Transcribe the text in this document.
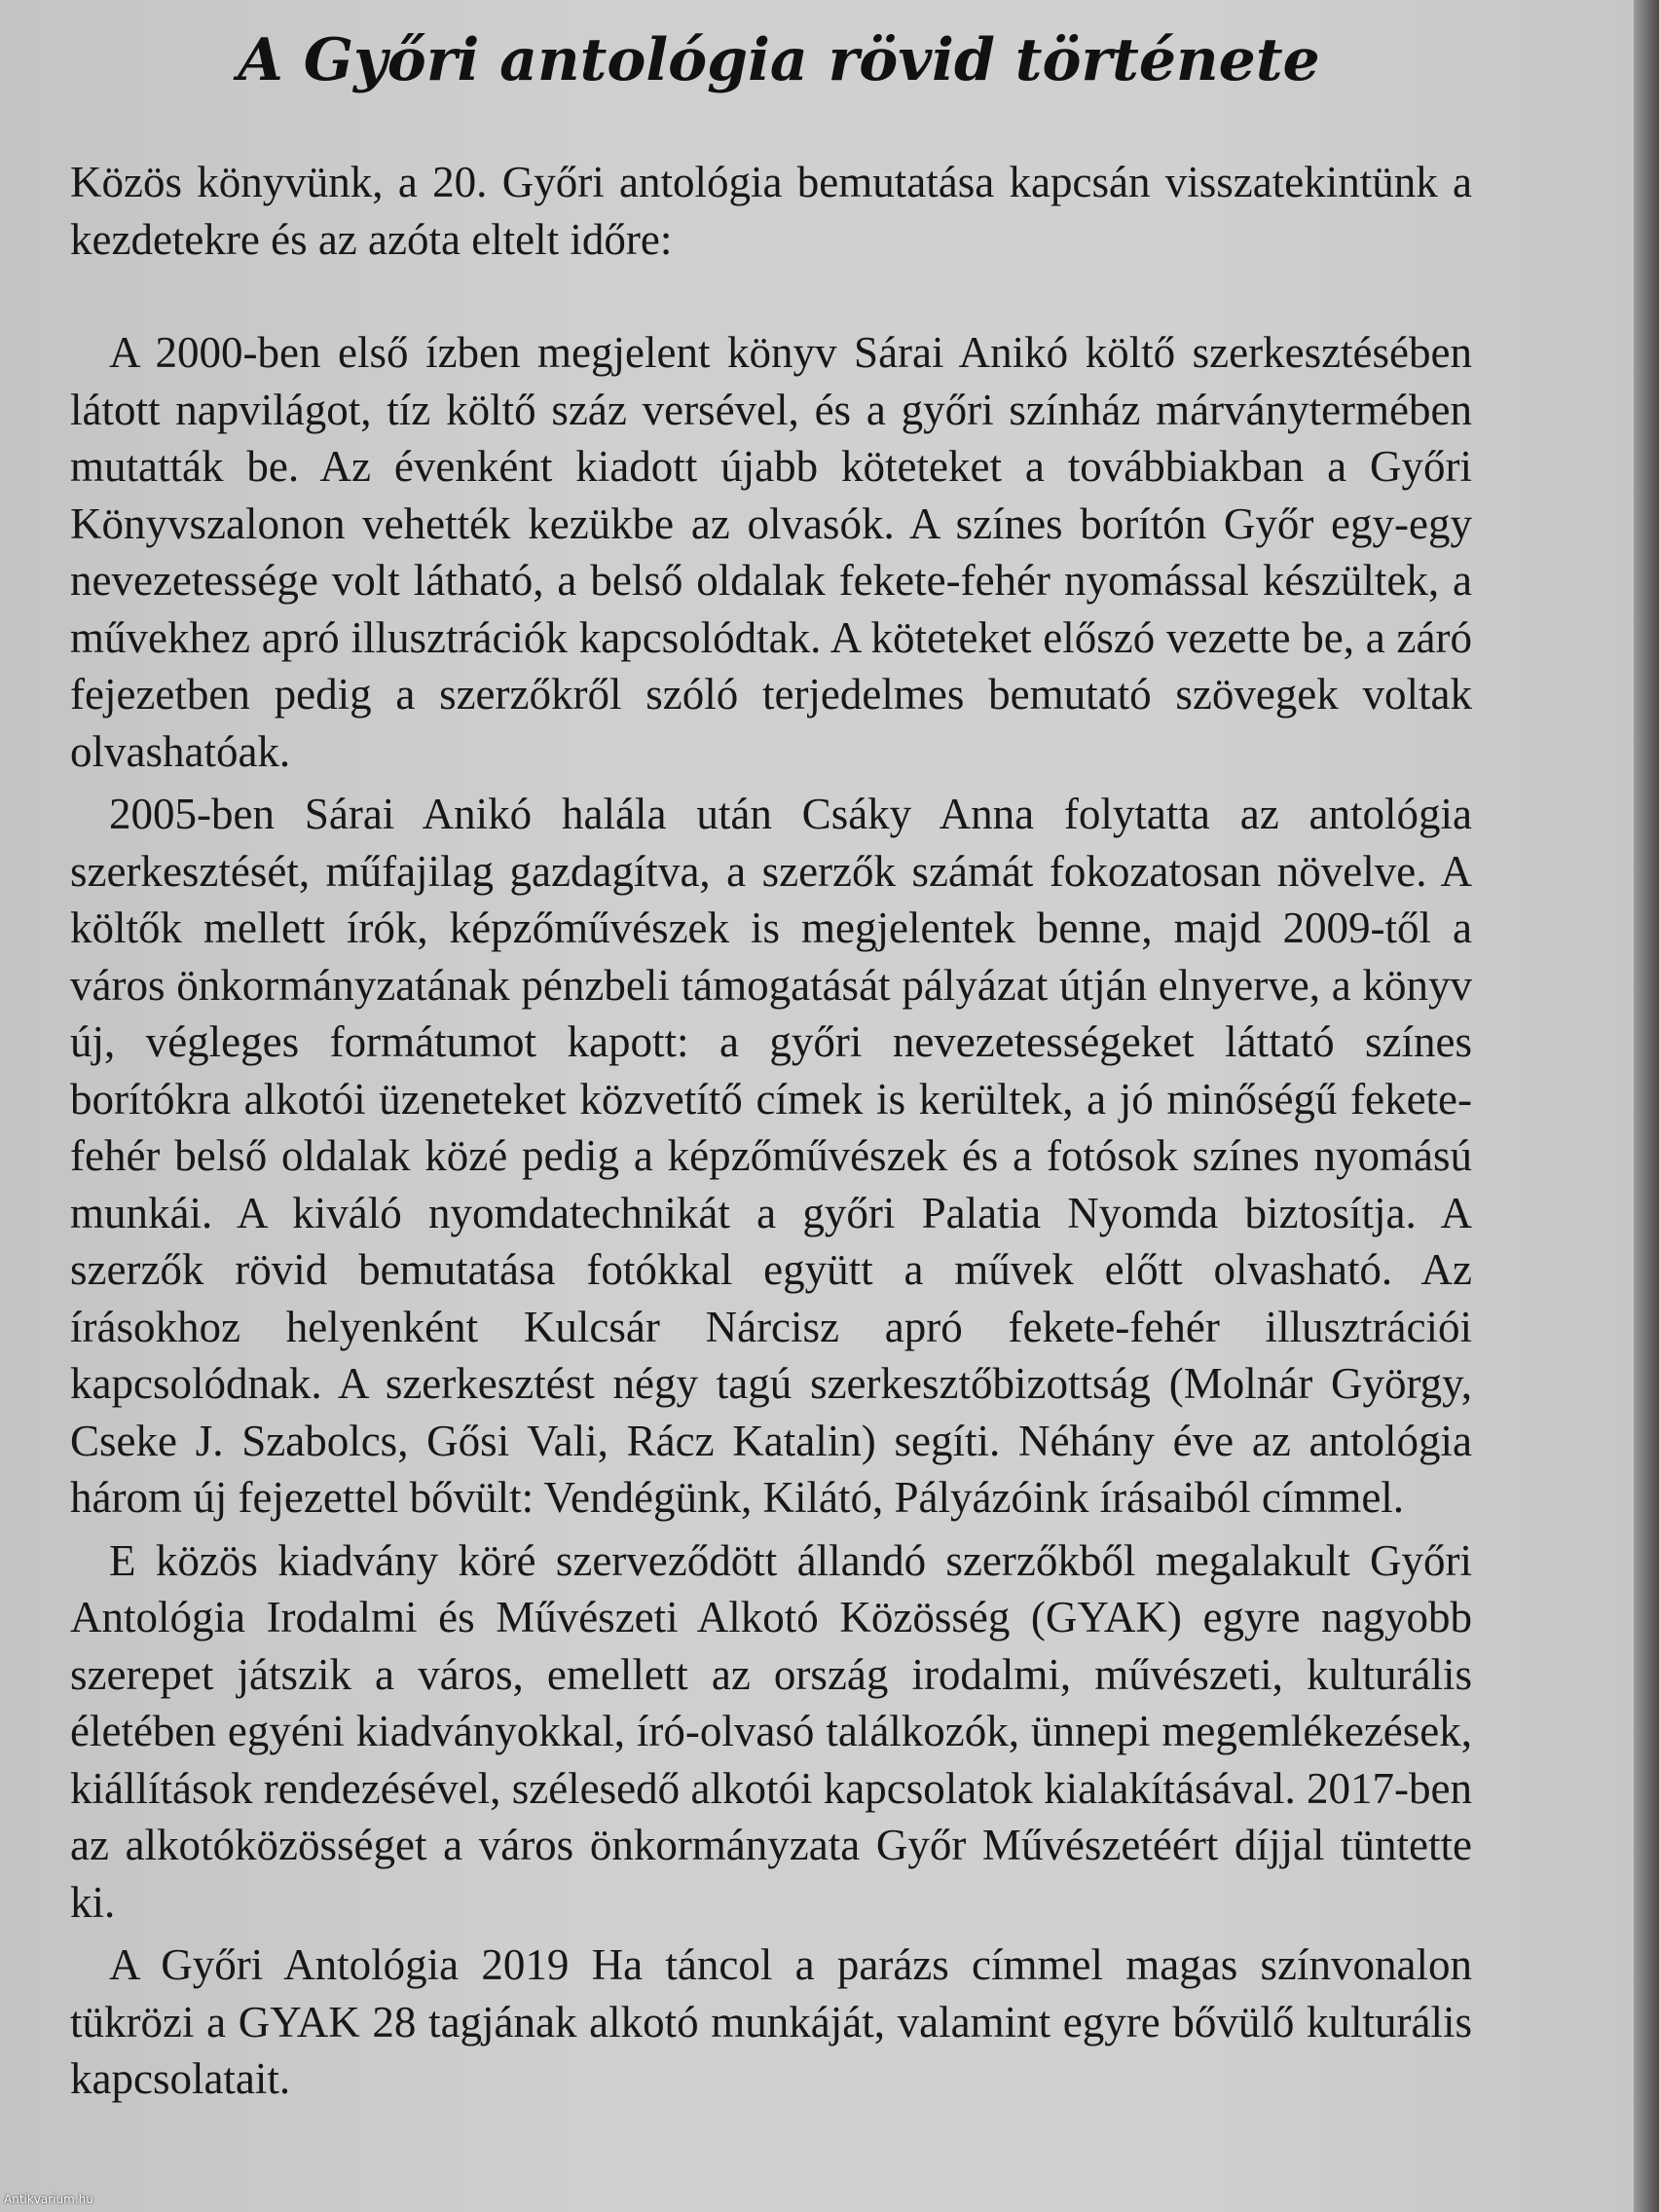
A Győri antológia rövid története

Közös könyvünk, a 20. Győri antológia bemutatása kapcsán visszatekintünk a kezdetekre és az azóta eltelt időre:

A 2000-ben első ízben megjelent könyv Sárai Anikó költő szerkesztésében látott napvilágot, tíz költő száz versével, és a győri színház márványtermében mutatták be. Az évenként kiadott újabb köteteket a továbbiakban a Győri Könyvszalonon vehették kezükbe az olvasók. A színes borítón Győr egy-egy nevezetessége volt látható, a belső oldalak fekete-fehér nyomással készültek, a művekhez apró illusztrációk kapcsolódtak. A köteteket előszó vezette be, a záró fejezetben pedig a szerzőkről szóló terjedelmes bemutató szövegek voltak olvashatóak.

2005-ben Sárai Anikó halála után Csáky Anna folytatta az antológia szerkesztését, műfajilag gazdagítva, a szerzők számát fokozatosan növelve. A költők mellett írók, képzőművészek is megjelentek benne, majd 2009-től a város önkormányzatának pénzbeli támogatását pályázat útján elnyerve, a könyv új, végleges formátumot kapott: a győri nevezetességeket láttató színes borítókra alkotói üzeneteket közvetítő címek is kerültek, a jó minőségű fekete-fehér belső oldalak közé pedig a képzőművészek és a fotósok színes nyomású munkái. A kiváló nyomdatechnikát a győri Palatia Nyomda biztosítja. A szerzők rövid bemutatása fotókkal együtt a művek előtt olvasható. Az írásokhoz helyenként Kulcsár Nárcisz apró fekete-fehér illusztrációi kapcsolódnak. A szerkesztést négy tagú szerkesztőbizottság (Molnár György, Cseke J. Szabolcs, Gősi Vali, Rácz Katalin) segíti. Néhány éve az antológia három új fejezettel bővült: Vendégünk, Kilátó, Pályázóink írásaiból címmel.

E közös kiadvány köré szerveződött állandó szerzőkből megalakult Győri Antológia Irodalmi és Művészeti Alkotó Közösség (GYAK) egyre nagyobb szerepet játszik a város, emellett az ország irodalmi, művészeti, kulturális életében egyéni kiadványokkal, író-olvasó találkozók, ünnepi megemlékezések, kiállítások rendezésével, szélesedő alkotói kapcsolatok kialakításával. 2017-ben az alkotóközösséget a város önkormányzata Győr Művészetéért díjjal tüntette ki.

A Győri Antológia 2019 Ha táncol a parázs címmel magas színvonalon tükrözi a GYAK 28 tagjának alkotó munkáját, valamint egyre bővülő kulturális kapcsolatait.

Antikvarium.hu
